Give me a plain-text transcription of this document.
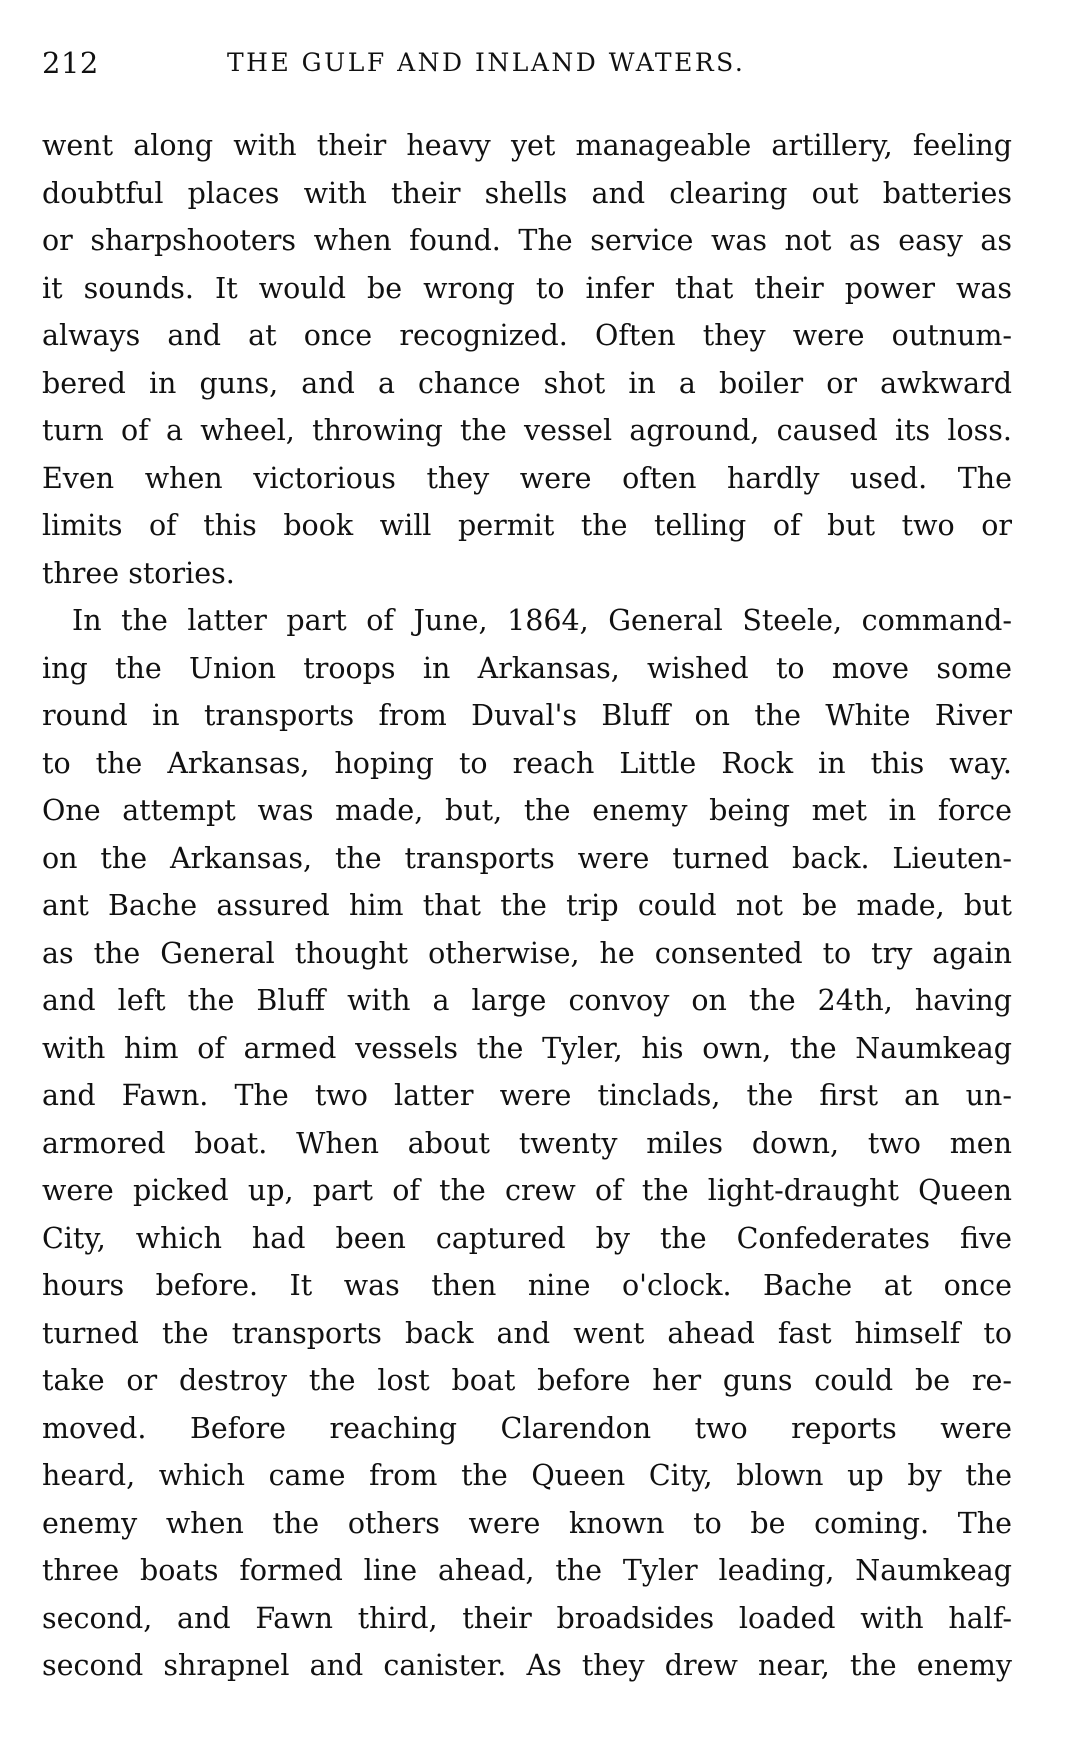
212	THE GULF AND INLAND WATERS.
went along with their heavy yet manageable artillery, feeling
doubtful places with their shells and clearing out batteries
or sharpshooters when found. The service was not as easy as
it sounds. It would be wrong to infer that their power was
always and at once recognized. Often they were outnum-
bered in guns, and a chance shot in a boiler or awkward
turn of a wheel, throwing the vessel aground, caused its loss.
Even when victorious they were often hardly used. The
limits of this book will permit the telling of but two or
three stories.
In the latter part of June, 1864, General Steele, command-
ing the Union troops in Arkansas, wished to move some
round in transports from Duval's Bluff on the White River
to the Arkansas, hoping to reach Little Rock in this way.
One attempt was made, but, the enemy being met in force
on the Arkansas, the transports were turned back. Lieuten-
ant Bache assured him that the trip could not be made, but
as the General thought otherwise, he consented to try again
and left the Bluff with a large convoy on the 24th, having
with him of armed vessels the Tyler, his own, the Naumkeag
and Fawn. The two latter were tinclads, the first an un-
armored boat. When about twenty miles down, two men
were picked up, part of the crew of the light-draught Queen
City, which had been captured by the Confederates five
hours before. It was then nine o'clock. Bache at once
turned the transports back and went ahead fast himself to
take or destroy the lost boat before her guns could be re-
moved. Before reaching Clarendon two reports were
heard, which came from the Queen City, blown up by the
enemy when the others were known to be coming. The
three boats formed line ahead, the Tyler leading, Naumkeag
second, and Fawn third, their broadsides loaded with half-
second shrapnel and canister. As they drew near, the enemy
